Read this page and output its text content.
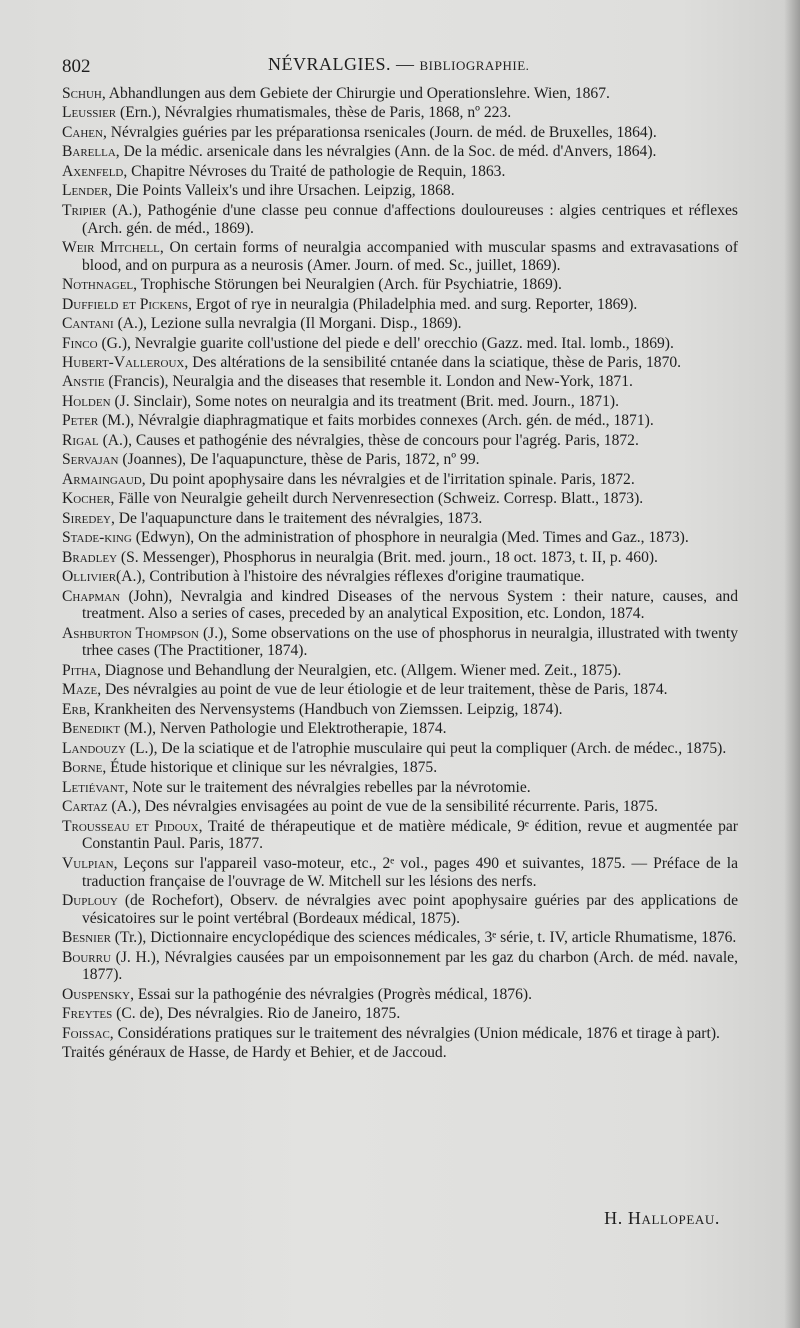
802	NÉVRALGIES. — BIBLIOGRAPHIE.

Schuh, Abhandlungen aus dem Gebiete der Chirurgie und Operationslehre. Wien, 1867.

Leussier (Ern.), Névralgies rhumatismales, thèse de Paris, 1868, nº 223.

Cahen, Névralgies guéries par les préparationsa rsenicales (Journ. de méd. de Bruxelles, 1864).

Barella, De la médic. arsenicale dans les névralgies (Ann. de la Soc. de méd. d'Anvers, 1864).

Axenfeld, Chapitre Névroses du Traité de pathologie de Requin, 1863.

Lender, Die Points Valleix's und ihre Ursachen. Leipzig, 1868.

Tripier (A.), Pathogénie d'une classe peu connue d'affections douloureuses : algies centriques et réflexes (Arch. gén. de méd., 1869).

Weir Mitchell, On certain forms of neuralgia accompanied with muscular spasms and extravasations of blood, and on purpura as a neurosis (Amer. Journ. of med. Sc., juillet, 1869).

Nothnagel, Trophische Störungen bei Neuralgien (Arch. für Psychiatrie, 1869).

Duffield et Pickens, Ergot of rye in neuralgia (Philadelphia med. and surg. Reporter, 1869).

Cantani (A.), Lezione sulla nevralgia (Il Morgani. Disp., 1869).

Finco (G.), Nevralgie guarite coll'ustione del piede e dell' orecchio (Gazz. med. Ital. lomb., 1869).

Hubert-Valleroux, Des altérations de la sensibilité cntanée dans la sciatique, thèse de Paris, 1870.

Anstie (Francis), Neuralgia and the diseases that resemble it. London and New-York, 1871.

Holden (J. Sinclair), Some notes on neuralgia and its treatment (Brit. med. Journ., 1871).

Peter (M.), Névralgie diaphragmatique et faits morbides connexes (Arch. gén. de méd., 1871).

Rigal (A.), Causes et pathogénie des névralgies, thèse de concours pour l'agrég. Paris, 1872.

Servajan (Joannes), De l'aquapuncture, thèse de Paris, 1872, nº 99.

Armaingaud, Du point apophysaire dans les névralgies et de l'irritation spinale. Paris, 1872.

Kocher, Fälle von Neuralgie geheilt durch Nervenresection (Schweiz. Corresp. Blatt., 1873).

Siredey, De l'aquapuncture dans le traitement des névralgies, 1873.

Stade-king (Edwyn), On the administration of phosphore in neuralgia (Med. Times and Gaz., 1873).

Bradley (S. Messenger), Phosphorus in neuralgia (Brit. med. journ., 18 oct. 1873, t. II, p. 460).

Ollivier(A.), Contribution à l'histoire des névralgies réflexes d'origine traumatique.

Chapman (John), Nevralgia and kindred Diseases of the nervous System : their nature, causes, and treatment. Also a series of cases, preceded by an analytical Exposition, etc. London, 1874.

Ashburton Thompson (J.), Some observations on the use of phosphorus in neuralgia, illustrated with twenty trhee cases (The Practitioner, 1874).

Pitha, Diagnose und Behandlung der Neuralgien, etc. (Allgem. Wiener med. Zeit., 1875).

Maze, Des névralgies au point de vue de leur étiologie et de leur traitement, thèse de Paris, 1874.

Erb, Krankheiten des Nervensystems (Handbuch von Ziemssen. Leipzig, 1874).

Benedikt (M.), Nerven Pathologie und Elektrotherapie, 1874.

Landouzy (L.), De la sciatique et de l'atrophie musculaire qui peut la compliquer (Arch. de médec., 1875).

Borne, Étude historique et clinique sur les névralgies, 1875.

Letiévant, Note sur le traitement des névralgies rebelles par la névrotomie.

Cartaz (A.), Des névralgies envisagées au point de vue de la sensibilité récurrente. Paris, 1875.

Trousseau et Pidoux, Traité de thérapeutique et de matière médicale, 9ᵉ édition, revue et augmentée par Constantin Paul. Paris, 1877.

Vulpian, Leçons sur l'appareil vaso-moteur, etc., 2ᵉ vol., pages 490 et suivantes, 1875. — Préface de la traduction française de l'ouvrage de W. Mitchell sur les lésions des nerfs.

Duplouy (de Rochefort), Observ. de névralgies avec point apophysaire guéries par des applications de vésicatoires sur le point vertébral (Bordeaux médical, 1875).

Besnier (Tr.), Dictionnaire encyclopédique des sciences médicales, 3ᵉ série, t. IV, article Rhumatisme, 1876.

Bourru (J. H.), Névralgies causées par un empoisonnement par les gaz du charbon (Arch. de méd. navale, 1877).

Ouspensky, Essai sur la pathogénie des névralgies (Progrès médical, 1876).

Freytes (C. de), Des névralgies. Rio de Janeiro, 1875.

Foissac, Considérations pratiques sur le traitement des névralgies (Union médicale, 1876 et tirage à part).

Traités généraux de Hasse, de Hardy et Behier, et de Jaccoud.

H. Hallopeau.
